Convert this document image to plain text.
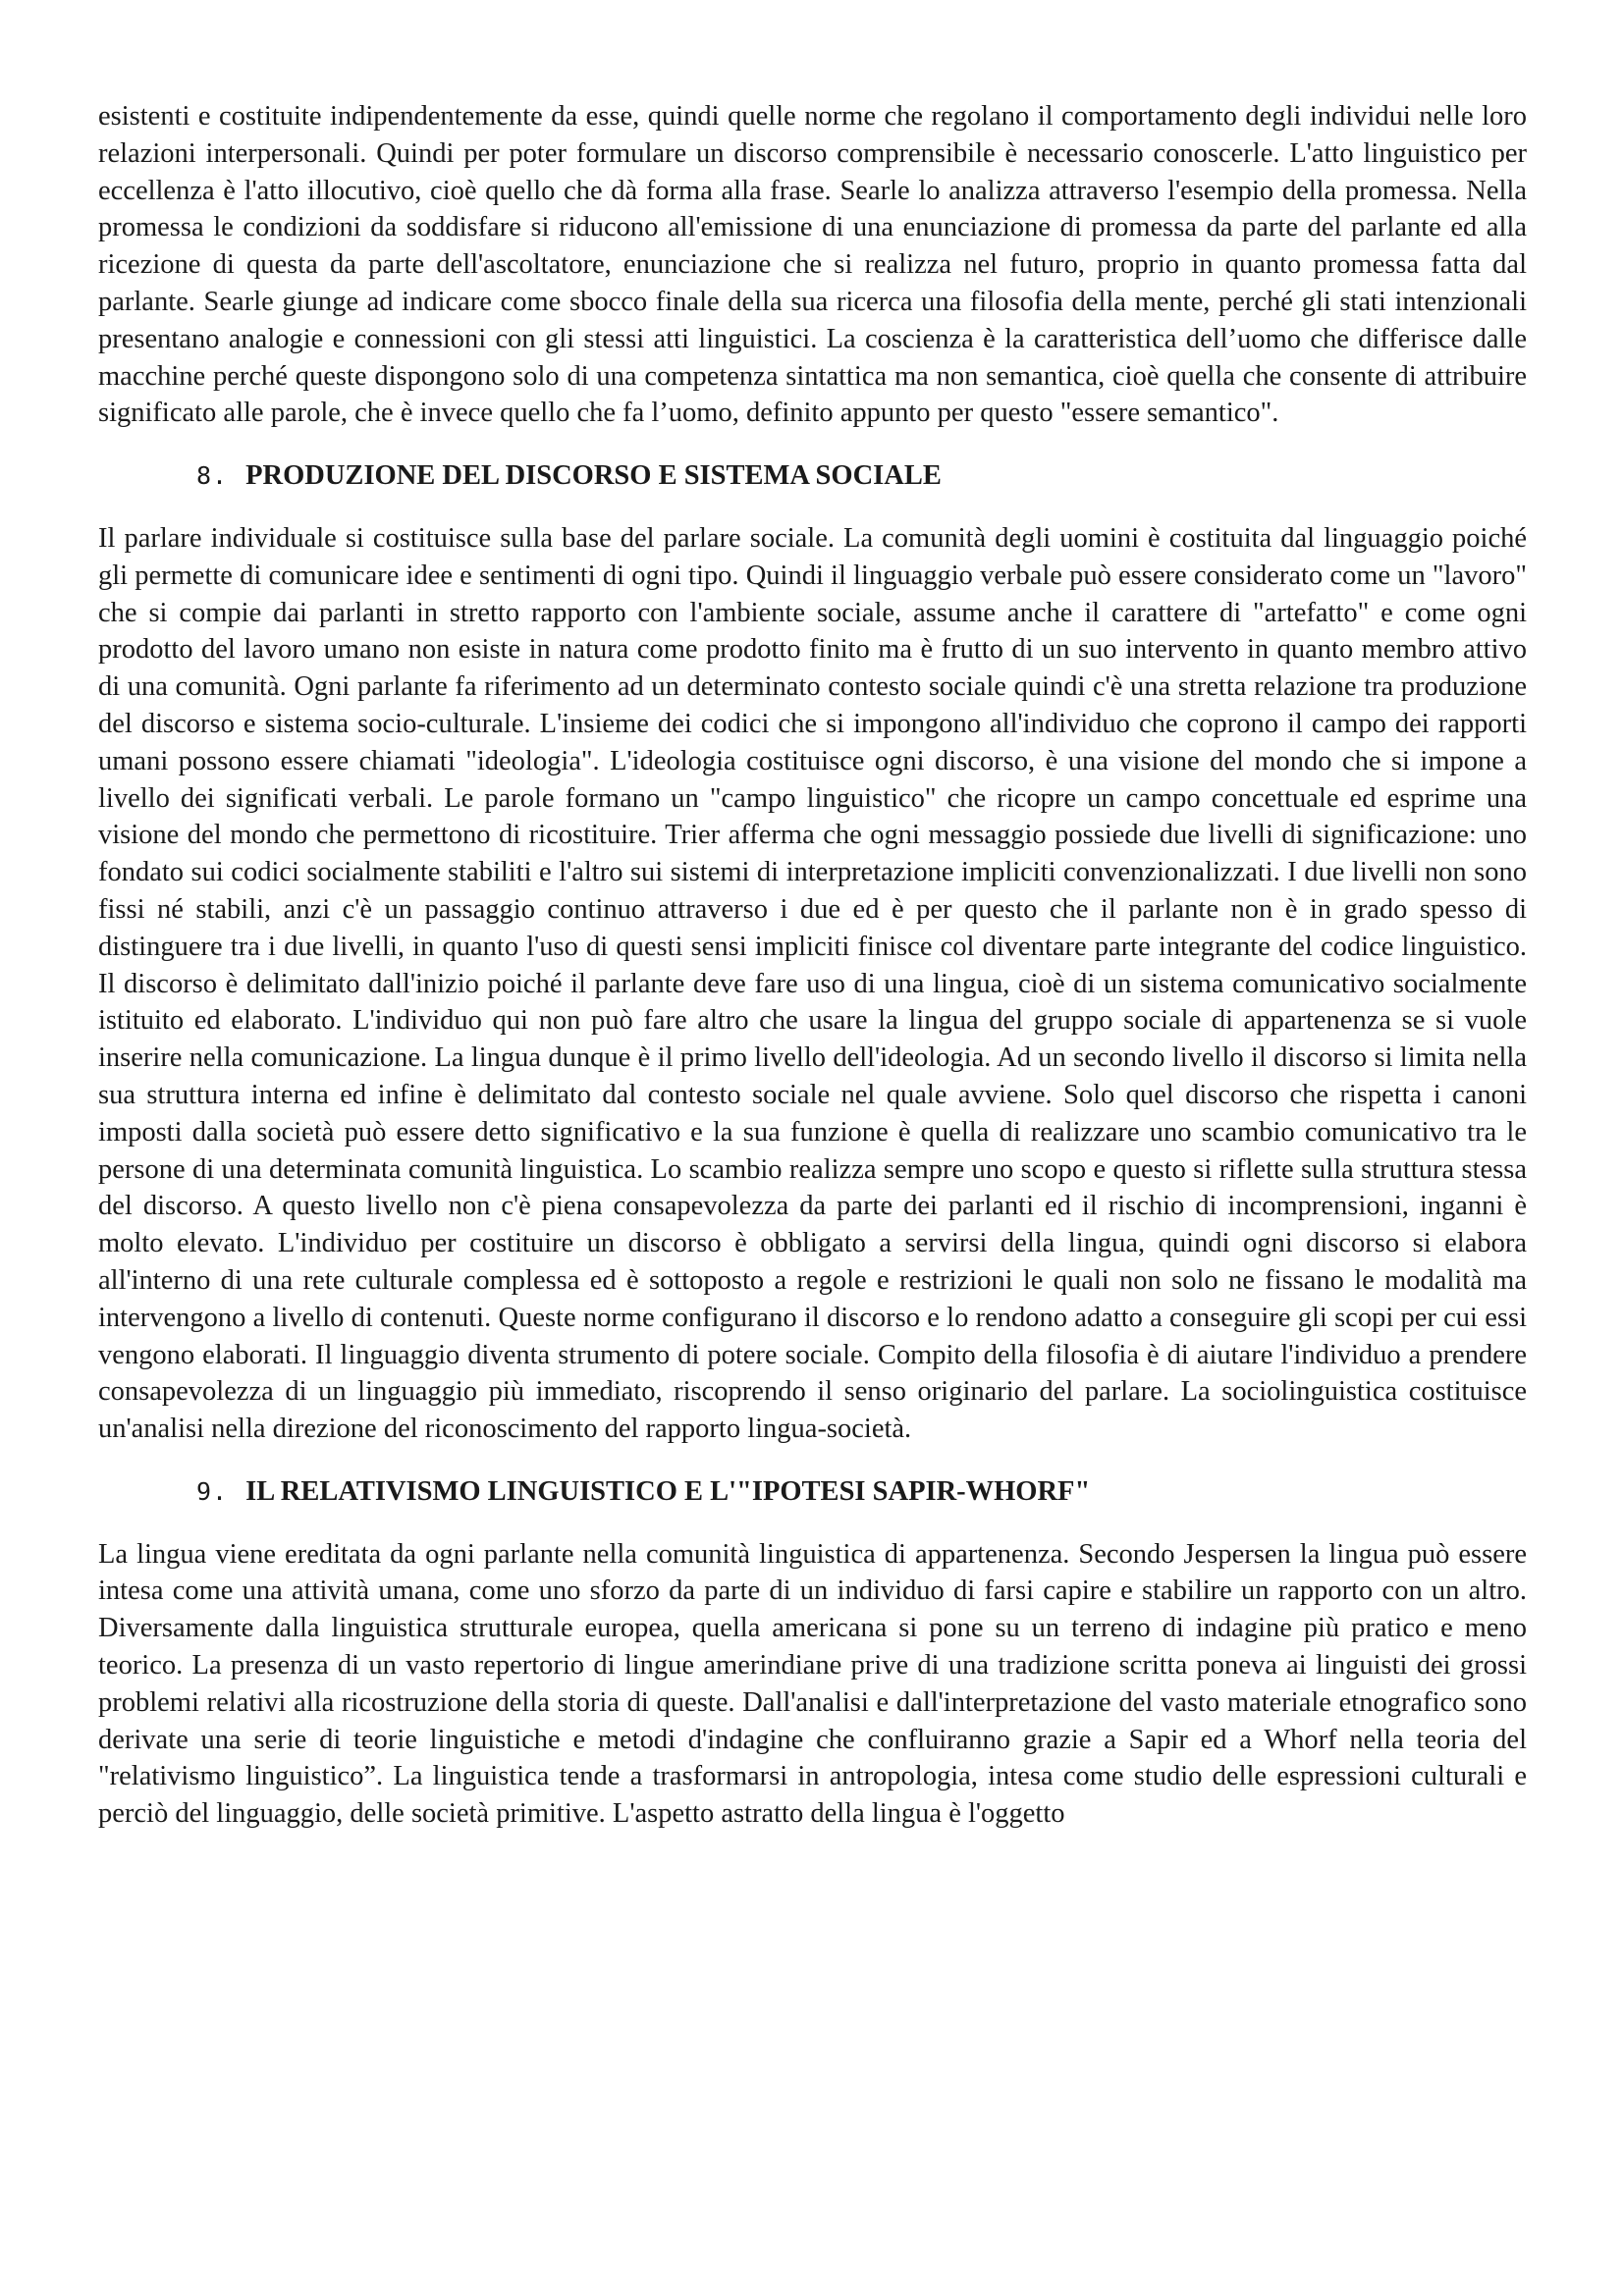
esistenti e costituite indipendentemente da esse, quindi quelle norme che regolano il comportamento degli individui nelle loro relazioni interpersonali. Quindi per poter formulare un discorso comprensibile è necessario conoscerle. L'atto linguistico per eccellenza è l'atto illocutivo, cioè quello che dà forma alla frase. Searle lo analizza attraverso l'esempio della promessa. Nella promessa le condizioni da soddisfare si riducono all'emissione di una enunciazione di promessa da parte del parlante ed alla ricezione di questa da parte dell'ascoltatore, enunciazione che si realizza nel futuro, proprio in quanto promessa fatta dal parlante. Searle giunge ad indicare come sbocco finale della sua ricerca una filosofia della mente, perché gli stati intenzionali presentano analogie e connessioni con gli stessi atti linguistici. La coscienza è la caratteristica dell’uomo che differisce dalle macchine perché queste dispongono solo di una competenza sintattica ma non semantica, cioè quella che consente di attribuire significato alle parole, che è invece quello che fa l’uomo, definito appunto per questo "essere semantico".

8. PRODUZIONE DEL DISCORSO E SISTEMA SOCIALE

Il parlare individuale si costituisce sulla base del parlare sociale. La comunità degli uomini è costituita dal linguaggio poiché gli permette di comunicare idee e sentimenti di ogni tipo. Quindi il linguaggio verbale può essere considerato come un "lavoro" che si compie dai parlanti in stretto rapporto con l'ambiente sociale, assume anche il carattere di "artefatto" e come ogni prodotto del lavoro umano non esiste in natura come prodotto finito ma è frutto di un suo intervento in quanto membro attivo di una comunità. Ogni parlante fa riferimento ad un determinato contesto sociale quindi c'è una stretta relazione tra produzione del discorso e sistema socio-culturale. L'insieme dei codici che si impongono all'individuo che coprono il campo dei rapporti umani possono essere chiamati "ideologia". L'ideologia costituisce ogni discorso, è una visione del mondo che si impone a livello dei significati verbali. Le parole formano un "campo linguistico" che ricopre un campo concettuale ed esprime una visione del mondo che permettono di ricostituire. Trier afferma che ogni messaggio possiede due livelli di significazione: uno fondato sui codici socialmente stabiliti e l'altro sui sistemi di interpretazione impliciti convenzionalizzati. I due livelli non sono fissi né stabili, anzi c'è un passaggio continuo attraverso i due ed è per questo che il parlante non è in grado spesso di distinguere tra i due livelli, in quanto l'uso di questi sensi impliciti finisce col diventare parte integrante del codice linguistico. Il discorso è delimitato dall'inizio poiché il parlante deve fare uso di una lingua, cioè di un sistema comunicativo socialmente istituito ed elaborato. L'individuo qui non può fare altro che usare la lingua del gruppo sociale di appartenenza se si vuole inserire nella comunicazione. La lingua dunque è il primo livello dell'ideologia. Ad un secondo livello il discorso si limita nella sua struttura interna ed infine è delimitato dal contesto sociale nel quale avviene. Solo quel discorso che rispetta i canoni imposti dalla società può essere detto significativo e la sua funzione è quella di realizzare uno scambio comunicativo tra le persone di una determinata comunità linguistica. Lo scambio realizza sempre uno scopo e questo si riflette sulla struttura stessa del discorso. A questo livello non c'è piena consapevolezza da parte dei parlanti ed il rischio di incomprensioni, inganni è molto elevato. L'individuo per costituire un discorso è obbligato a servirsi della lingua, quindi ogni discorso si elabora all'interno di una rete culturale complessa ed è sottoposto a regole e restrizioni le quali non solo ne fissano le modalità ma intervengono a livello di contenuti. Queste norme configurano il discorso e lo rendono adatto a conseguire gli scopi per cui essi vengono elaborati. Il linguaggio diventa strumento di potere sociale. Compito della filosofia è di aiutare l'individuo a prendere consapevolezza di un linguaggio più immediato, riscoprendo il senso originario del parlare. La sociolinguistica costituisce un'analisi nella direzione del riconoscimento del rapporto lingua-società.

9. IL RELATIVISMO LINGUISTICO E L'"IPOTESI SAPIR-WHORF"

La lingua viene ereditata da ogni parlante nella comunità linguistica di appartenenza. Secondo Jespersen la lingua può essere intesa come una attività umana, come uno sforzo da parte di un individuo di farsi capire e stabilire un rapporto con un altro. Diversamente dalla linguistica strutturale europea, quella americana si pone su un terreno di indagine più pratico e meno teorico. La presenza di un vasto repertorio di lingue amerindiane prive di una tradizione scritta poneva ai linguisti dei grossi problemi relativi alla ricostruzione della storia di queste. Dall'analisi e dall'interpretazione del vasto materiale etnografico sono derivate una serie di teorie linguistiche e metodi d'indagine che confluiranno grazie a Sapir ed a Whorf nella teoria del "relativismo linguistico”. La linguistica tende a trasformarsi in antropologia, intesa come studio delle espressioni culturali e perciò del linguaggio, delle società primitive. L'aspetto astratto della lingua è l'oggetto
